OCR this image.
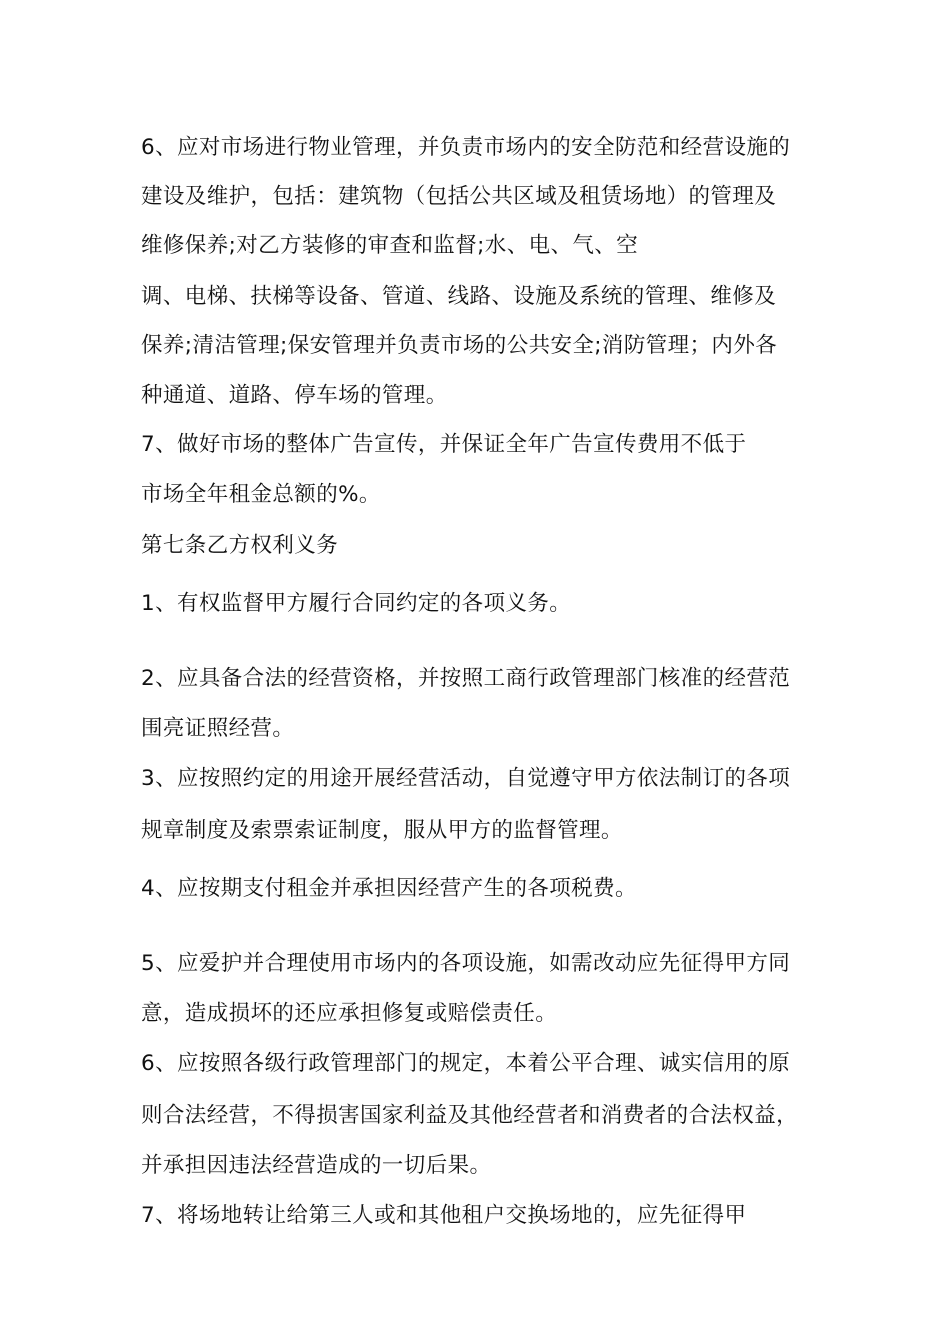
6、应对市场进行物业管理，并负责市场内的安全防范和经营设施的
建设及维护，包括：建筑物（包括公共区域及租赁场地）的管理及
维修保养;对乙方装修的审查和监督;水、电、气、空
调、电梯、扶梯等设备、管道、线路、设施及系统的管理、维修及
保养;清洁管理;保安管理并负责市场的公共安全;消防管理；内外各
种通道、道路、停车场的管理。
7、做好市场的整体广告宣传，并保证全年广告宣传费用不低于
市场全年租金总额的%。
第七条乙方权利义务
1、有权监督甲方履行合同约定的各项义务。
2、应具备合法的经营资格，并按照工商行政管理部门核准的经营范
围亮证照经营。
3、应按照约定的用途开展经营活动，自觉遵守甲方依法制订的各项
规章制度及索票索证制度，服从甲方的监督管理。
4、应按期支付租金并承担因经营产生的各项税费。
5、应爱护并合理使用市场内的各项设施，如需改动应先征得甲方同
意，造成损坏的还应承担修复或赔偿责任。
6、应按照各级行政管理部门的规定，本着公平合理、诚实信用的原
则合法经营，不得损害国家利益及其他经营者和消费者的合法权益，
并承担因违法经营造成的一切后果。
7、将场地转让给第三人或和其他租户交换场地的，应先征得甲
